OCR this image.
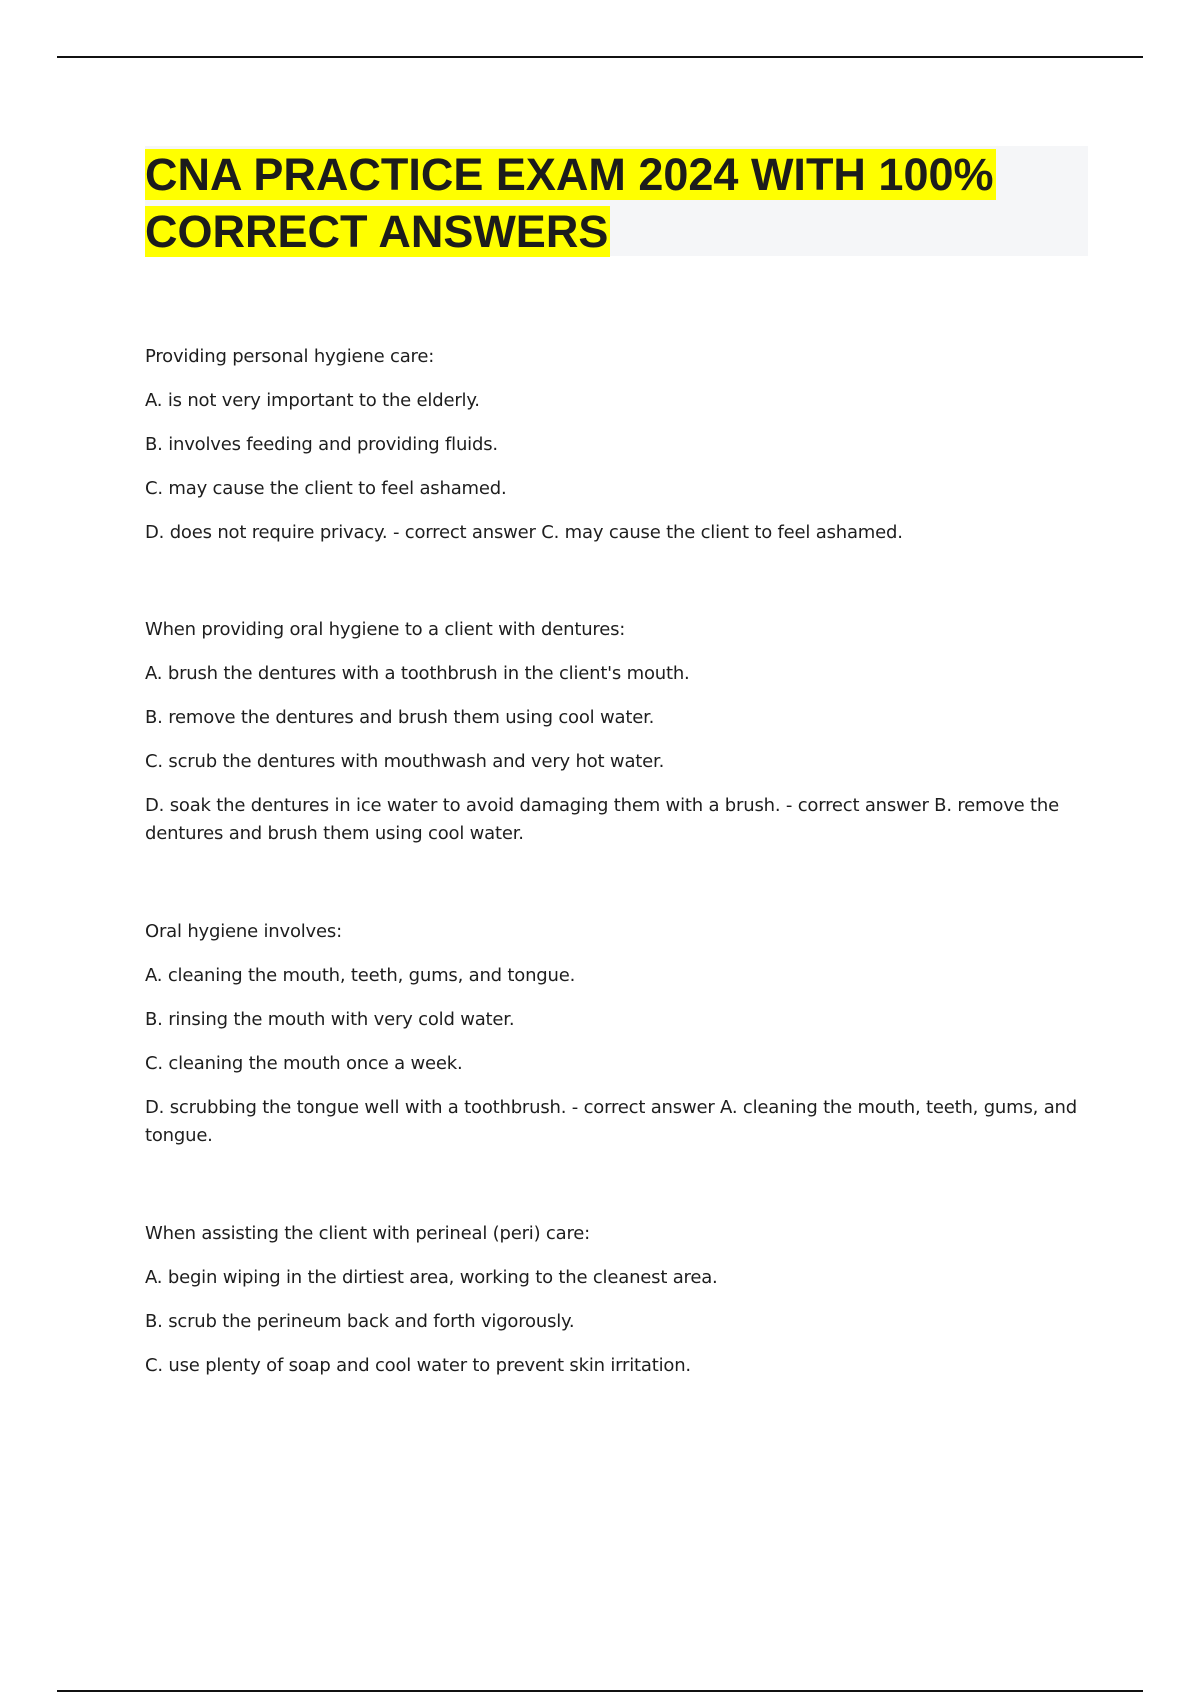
CNA PRACTICE EXAM 2024 WITH 100% CORRECT ANSWERS

Providing personal hygiene care:

A. is not very important to the elderly.

B. involves feeding and providing fluids.

C. may cause the client to feel ashamed.

D. does not require privacy. - correct answer C. may cause the client to feel ashamed.

When providing oral hygiene to a client with dentures:

A. brush the dentures with a toothbrush in the client's mouth.

B. remove the dentures and brush them using cool water.

C. scrub the dentures with mouthwash and very hot water.

D. soak the dentures in ice water to avoid damaging them with a brush. - correct answer B. remove the dentures and brush them using cool water.

Oral hygiene involves:

A. cleaning the mouth, teeth, gums, and tongue.

B. rinsing the mouth with very cold water.

C. cleaning the mouth once a week.

D. scrubbing the tongue well with a toothbrush. - correct answer A. cleaning the mouth, teeth, gums, and tongue.

When assisting the client with perineal (peri) care:

A. begin wiping in the dirtiest area, working to the cleanest area.

B. scrub the perineum back and forth vigorously.

C. use plenty of soap and cool water to prevent skin irritation.
